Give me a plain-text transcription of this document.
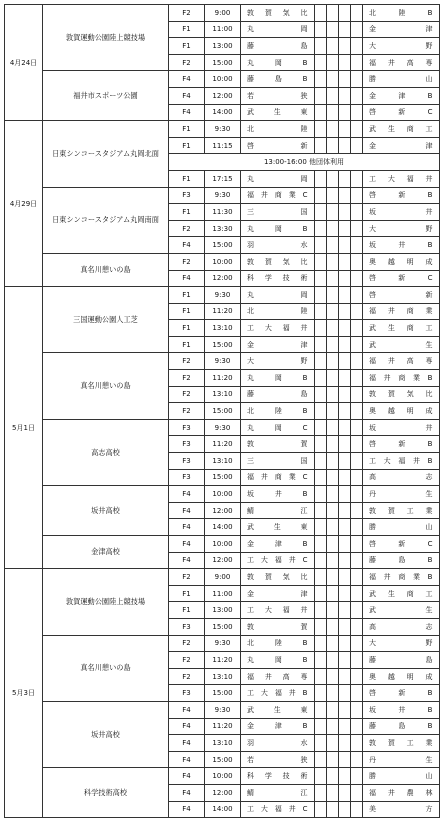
4月24日	敦賀運動公園陸上競技場	F2	9:00	敦 賀 気 比					北 陸 B
		F1	11:00	丸 岡					金 津
		F1	13:00	藤 島					大 野
		F2	15:00	丸 岡 B					福 井 高 専
	福井市スポーツ公園	F4	10:00	藤 島 B					勝 山
		F4	12:00	若 狭					金 津 B
		F4	14:00	武 生 東					啓 新 C
4月29日	日東シンコースタジアム丸岡北面	F1	9:30	北 陸					武 生 商 工
		F1	11:15	啓 新					金 津
		13:00-16:00 他団体利用							
		F1	17:15	丸 岡					工 大 福 井
	日東シンコースタジアム丸岡南面	F3	9:30	福 井 商 業 C					啓 新 B
		F1	11:30	三 国					坂 井
		F2	13:30	丸 岡 B					大 野
		F4	15:00	羽 水					坂 井 B
	真名川憩いの島	F2	10:00	敦 賀 気 比					奥 越 明 成
		F4	12:00	科 学 技 術					啓 新 C
5月1日	三国運動公園人工芝	F1	9:30	丸 岡					啓 新
		F1	11:20	北 陸					福 井 商 業
		F1	13:10	工 大 福 井					武 生 商 工
		F1	15:00	金 津					武 生
	真名川憩いの島	F2	9:30	大 野					福 井 高 専
		F2	11:20	丸 岡 B					福井商業B
		F2	13:10	藤 島					敦 賀 気 比
		F2	15:00	北 陸 B					奥 越 明 成
	高志高校	F3	9:30	丸 岡 C					坂 井
		F3	11:20	敦 賀					啓 新 B
		F3	13:10	三 国					工大福井B
		F3	15:00	福 井 商 業 C					高 志
	坂井高校	F4	10:00	坂 井 B					丹 生
		F4	12:00	鯖 江					敦 賀 工 業
		F4	14:00	武 生 東					勝 山
	金津高校	F4	10:00	金 津 B					啓 新 C
		F4	12:00	工 大 福 井 C					藤 島 B
5月3日	敦賀運動公園陸上競技場	F2	9:00	敦 賀 気 比					福井商業B
		F1	11:00	金 津					武 生 商 工
		F1	13:00	工 大 福 井					武 生
		F3	15:00	敦 賀					高 志
	真名川憩いの島	F2	9:30	北 陸 B					大 野
		F2	11:20	丸 岡 B					藤 島
		F2	13:10	福 井 高 専					奥 越 明 成
		F3	15:00	工大福井B					啓 新 B
	坂井高校	F4	9:30	武 生 東					坂 井 B
		F4	11:20	金 津 B					藤 島 B
		F4	13:10	羽 水					敦 賀 工 業
		F4	15:00	若 狭					丹 生
	科学技術高校	F4	10:00	科 学 技 術					勝 山
		F4	12:00	鯖 江					福 井 農 林
		F4	14:00	工 大 福 井 C					美 方
